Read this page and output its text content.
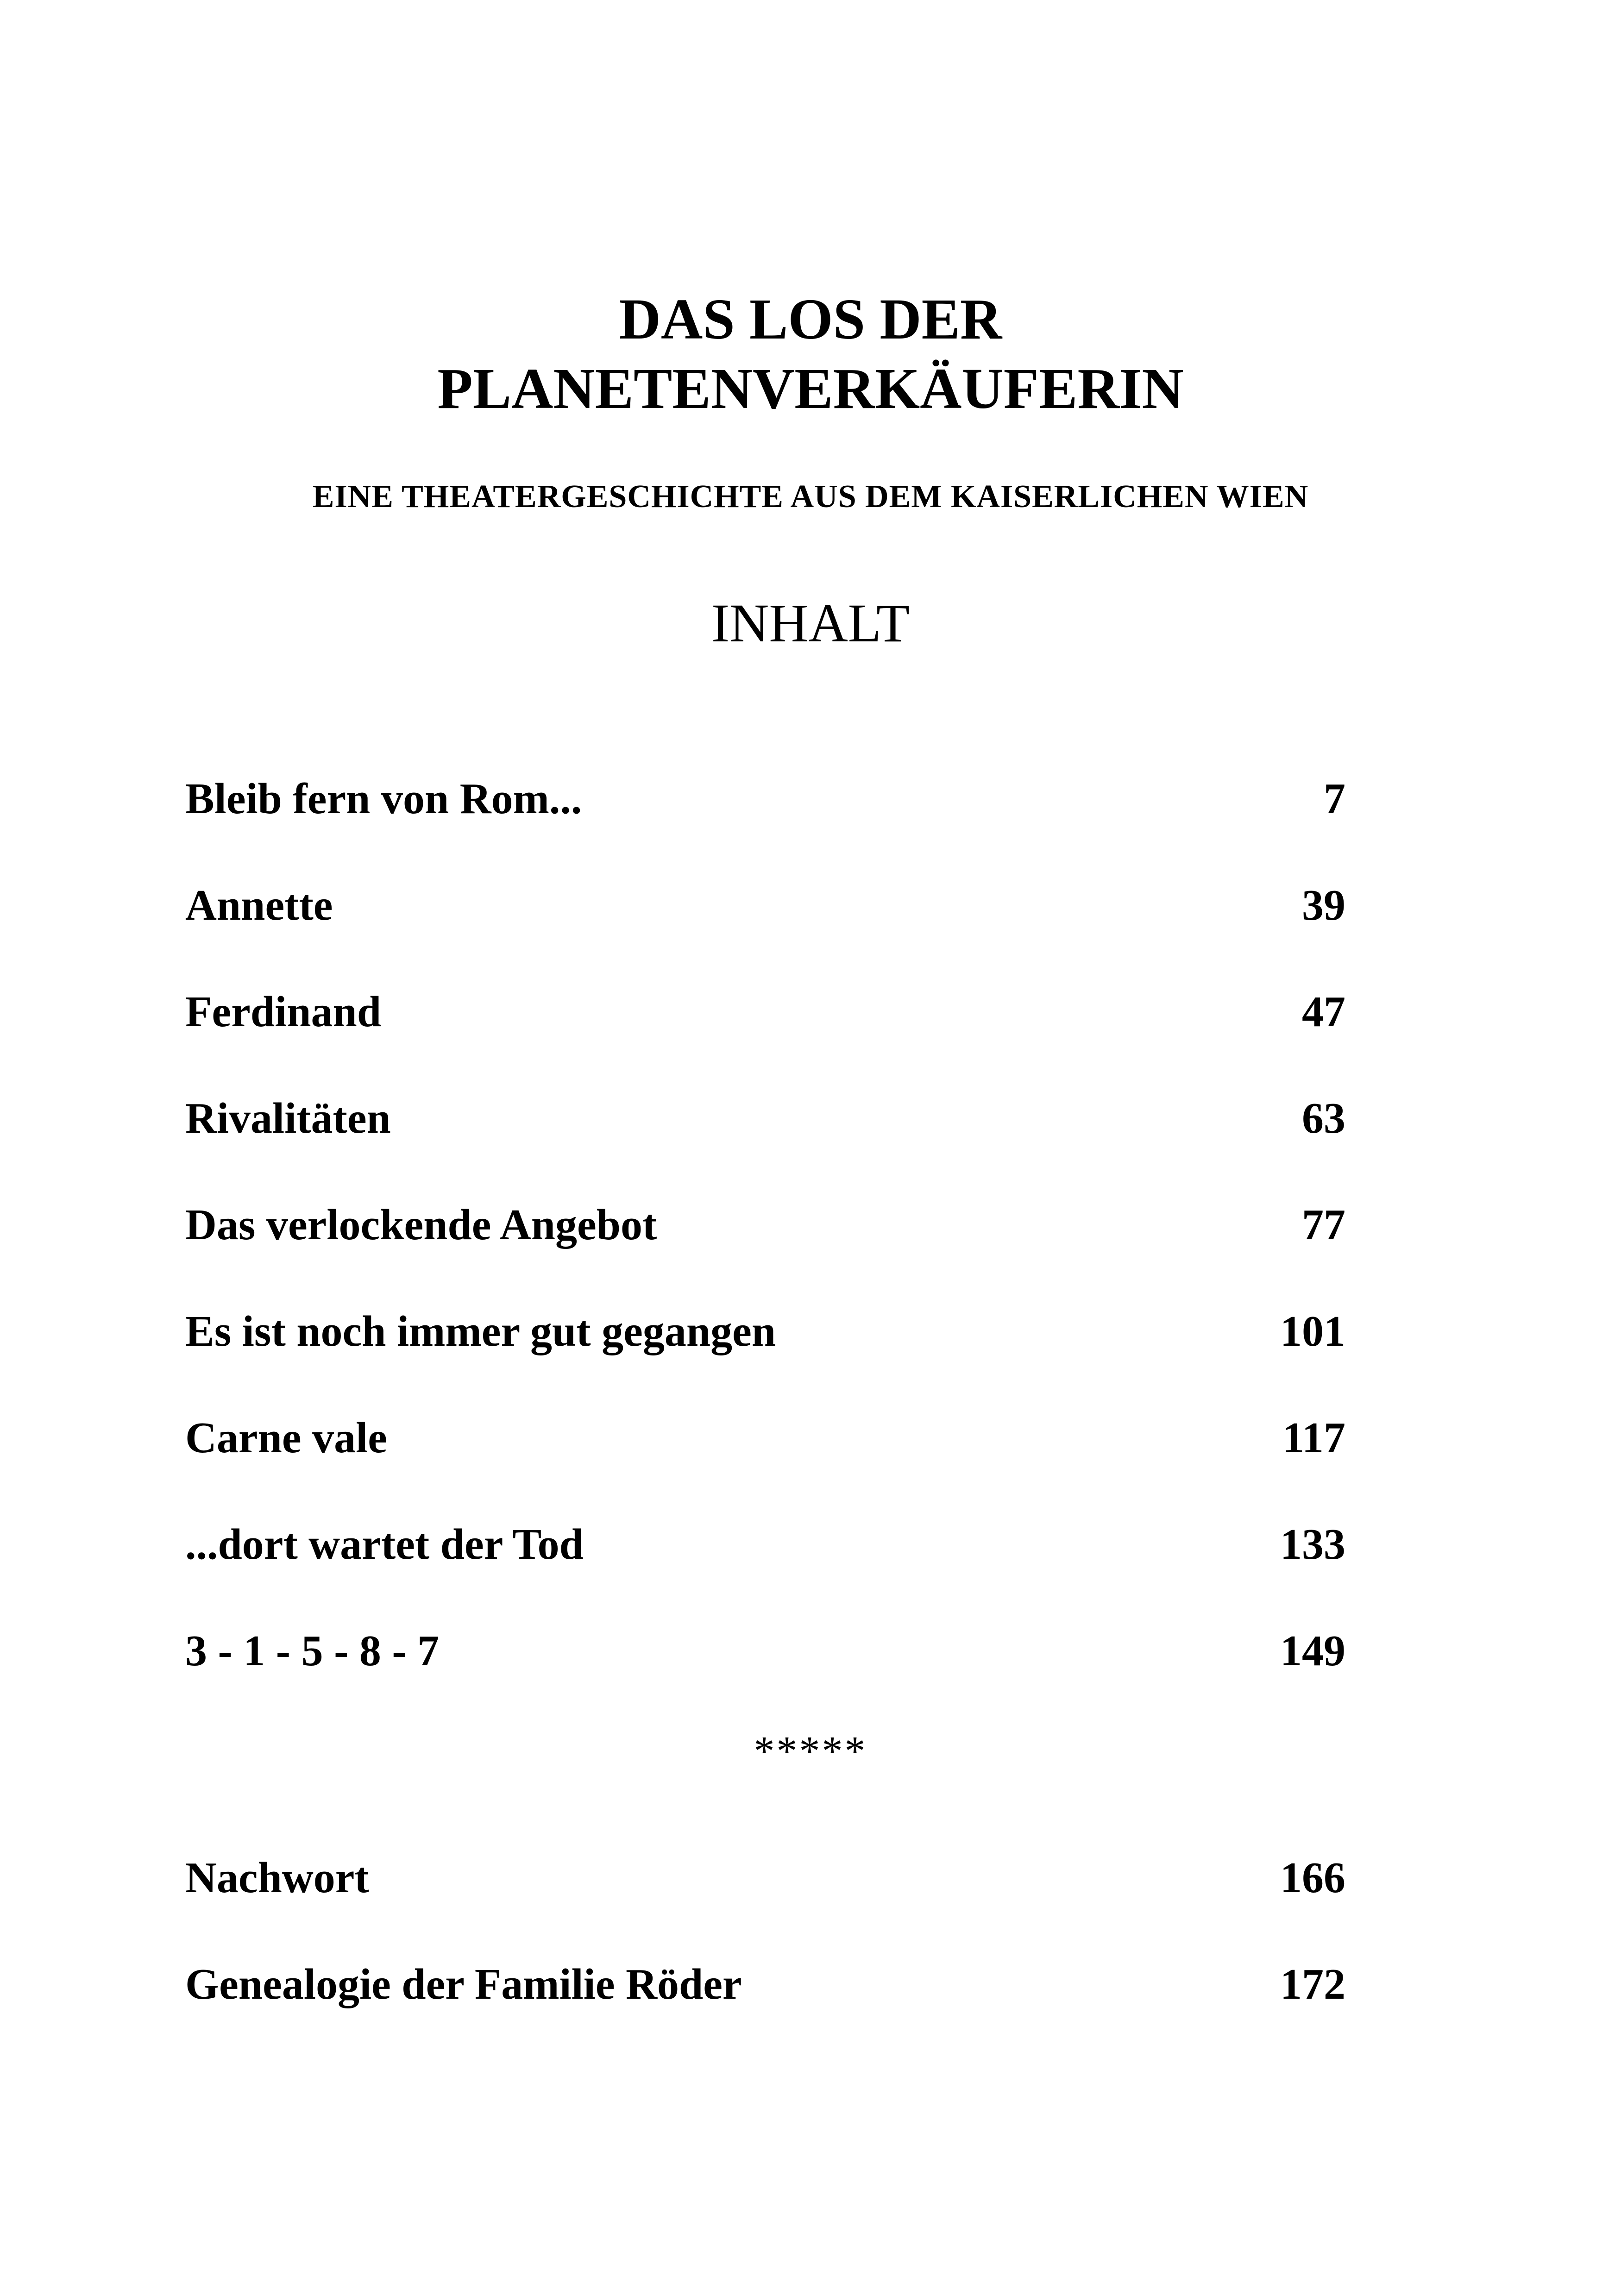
DAS LOS DER

PLANETENVERKÄUFERIN

EINE THEATERGESCHICHTE AUS DEM KAISERLICHEN WIEN
INHALT
Bleib fern von Rom...	7
Annette	39
Ferdinand	47
Rivalitäten	63
Das verlockende Angebot	77
Es ist noch immer gut gegangen	101
Carne vale	117
...dort wartet der Tod	133
3 - 1 - 5 - 8 - 7	149
Nachwort	166
Genealogie der Familie Röder	172
*****
